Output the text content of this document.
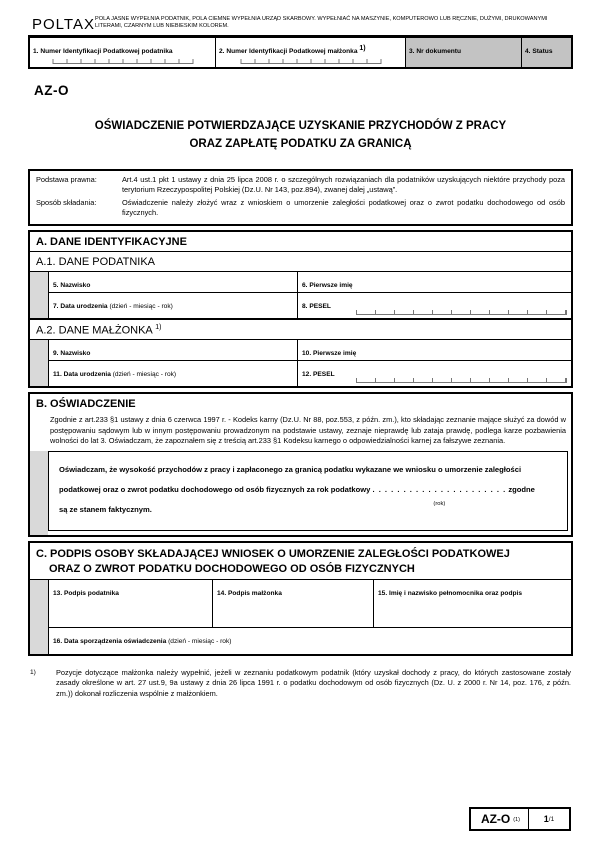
POLTAX POLA JASNE WYPEŁNIA PODATNIK, POLA CIEMNE WYPEŁNIA URZĄD SKARBOWY. WYPEŁNIAĆ NA MASZYNIE, KOMPUTEROWO LUB RĘCZNIE, DUŻYMI, DRUKOWANYMI LITERAMI, CZARNYM LUB NIEBIESKIM KOLOREM.
1. Numer Identyfikacji Podatkowej podatnika	2. Numer Identyfikacji Podatkowej małżonka $^{1)}$	3. Nr dokumentu	4. Status
AZ-O
OŚWIADCZENIE POTWIERDZAJĄCE UZYSKANIE PRZYCHODÓW Z PRACY
ORAZ ZAPŁATĘ PODATKU ZA GRANICĄ
Podstawa prawna:	Art.4 ust.1 pkt 1 ustawy z dnia 25 lipca 2008 r. o szczególnych rozwiązaniach dla podatników uzyskujących niektóre przychody poza terytorium Rzeczypospolitej Polskiej (Dz.U. Nr 143, poz.894), zwanej dalej „ustawą”.
Sposób składania:	Oświadczenie należy złożyć wraz z wnioskiem o umorzenie zaległości podatkowej oraz o zwrot podatku dochodowego od osób fizycznych.
A. DANE IDENTYFIKACYJNE
A.1. DANE PODATNIKA
5. Nazwisko	6. Pierwsze imię
7. Data urodzenia (dzień - miesiąc - rok)	8. PESEL
A.2. DANE MAŁŻONKA $^{1)}$
9. Nazwisko	10. Pierwsze imię
11. Data urodzenia (dzień - miesiąc - rok)	12. PESEL
B. OŚWIADCZENIE
Zgodnie z art.233 §1 ustawy z dnia 6 czerwca 1997 r. - Kodeks karny (Dz.U. Nr 88, poz.553, z późn. zm.), kto składając zeznanie mające służyć za dowód w postępowaniu sądowym lub w innym postępowaniu prowadzonym na podstawie ustawy, zeznaje nieprawdę lub zataja prawdę, podlega karze pozbawienia wolności do lat 3. Oświadczam, że zapoznałem się z treścią art.233 §1 Kodeksu karnego o odpowiedzialności karnej za fałszywe zeznania.
Oświadczam, że wysokość przychodów z pracy i zapłaconego za granicą podatku wykazane we wniosku o umorzenie zaległości podatkowej oraz o zwrot podatku dochodowego od osób fizycznych za rok podatkowy . . . . . . . . . . . . . . . . . . . . . .
(rok)
zgodne
są ze stanem faktycznym.
C. PODPIS OSOBY SKŁADAJĄCEJ WNIOSEK O UMORZENIE ZALEGŁOŚCI PODATKOWEJ
ORAZ O ZWROT PODATKU DOCHODOWEGO OD OSÓB FIZYCZNYCH
13. Podpis podatnika	14. Podpis małżonka	15. Imię i nazwisko pełnomocnika oraz podpis
16. Data sporządzenia oświadczenia (dzień - miesiąc - rok)
1)	Pozycje dotyczące małżonka należy wypełnić, jeżeli w zeznaniu podatkowym podatnik (który uzyskał dochody z pracy, do których zastosowane zostały zasady określone w art. 27 ust.9, 9a ustawy z dnia 26 lipca 1991 r. o podatku dochodowym od osób fizycznych (Dz. U. z 2000 r. Nr 14, poz. 176, z późn. zm.)) dokonał rozliczenia wspólnie z małżonkiem.
AZ-O $^{(1)}$	1 /1
